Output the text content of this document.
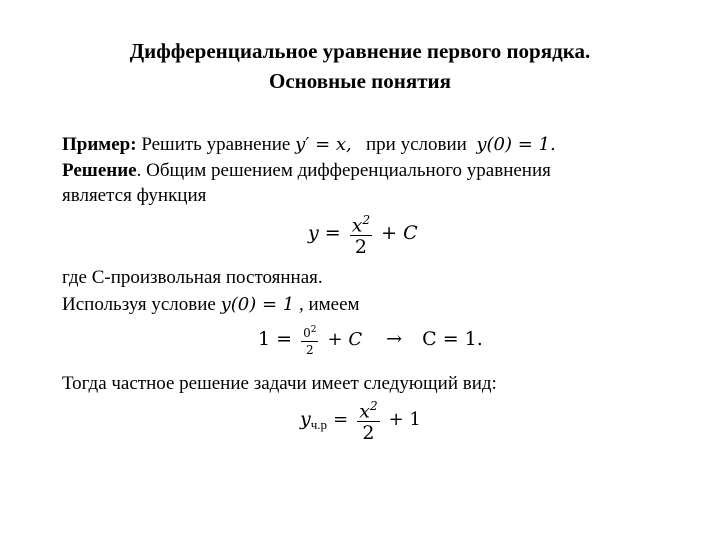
Дифференциальное уравнение первого порядка.
Основные понятия
Пример: Решить уравнение y′ = x,   при условии  y(0) = 1.
Решение. Общим решением дифференциального уравнения
является функция
$y = \frac{x^2}{2} + C$
где С-произвольная постоянная.
Используя условие y(0) = 1 , имеем
$1 = \frac{0^2}{2} + C \to C = 1$.
Тогда частное решение задачи имеет следующий вид:
$y_{ч.р} = \frac{x^2}{2} + 1$
